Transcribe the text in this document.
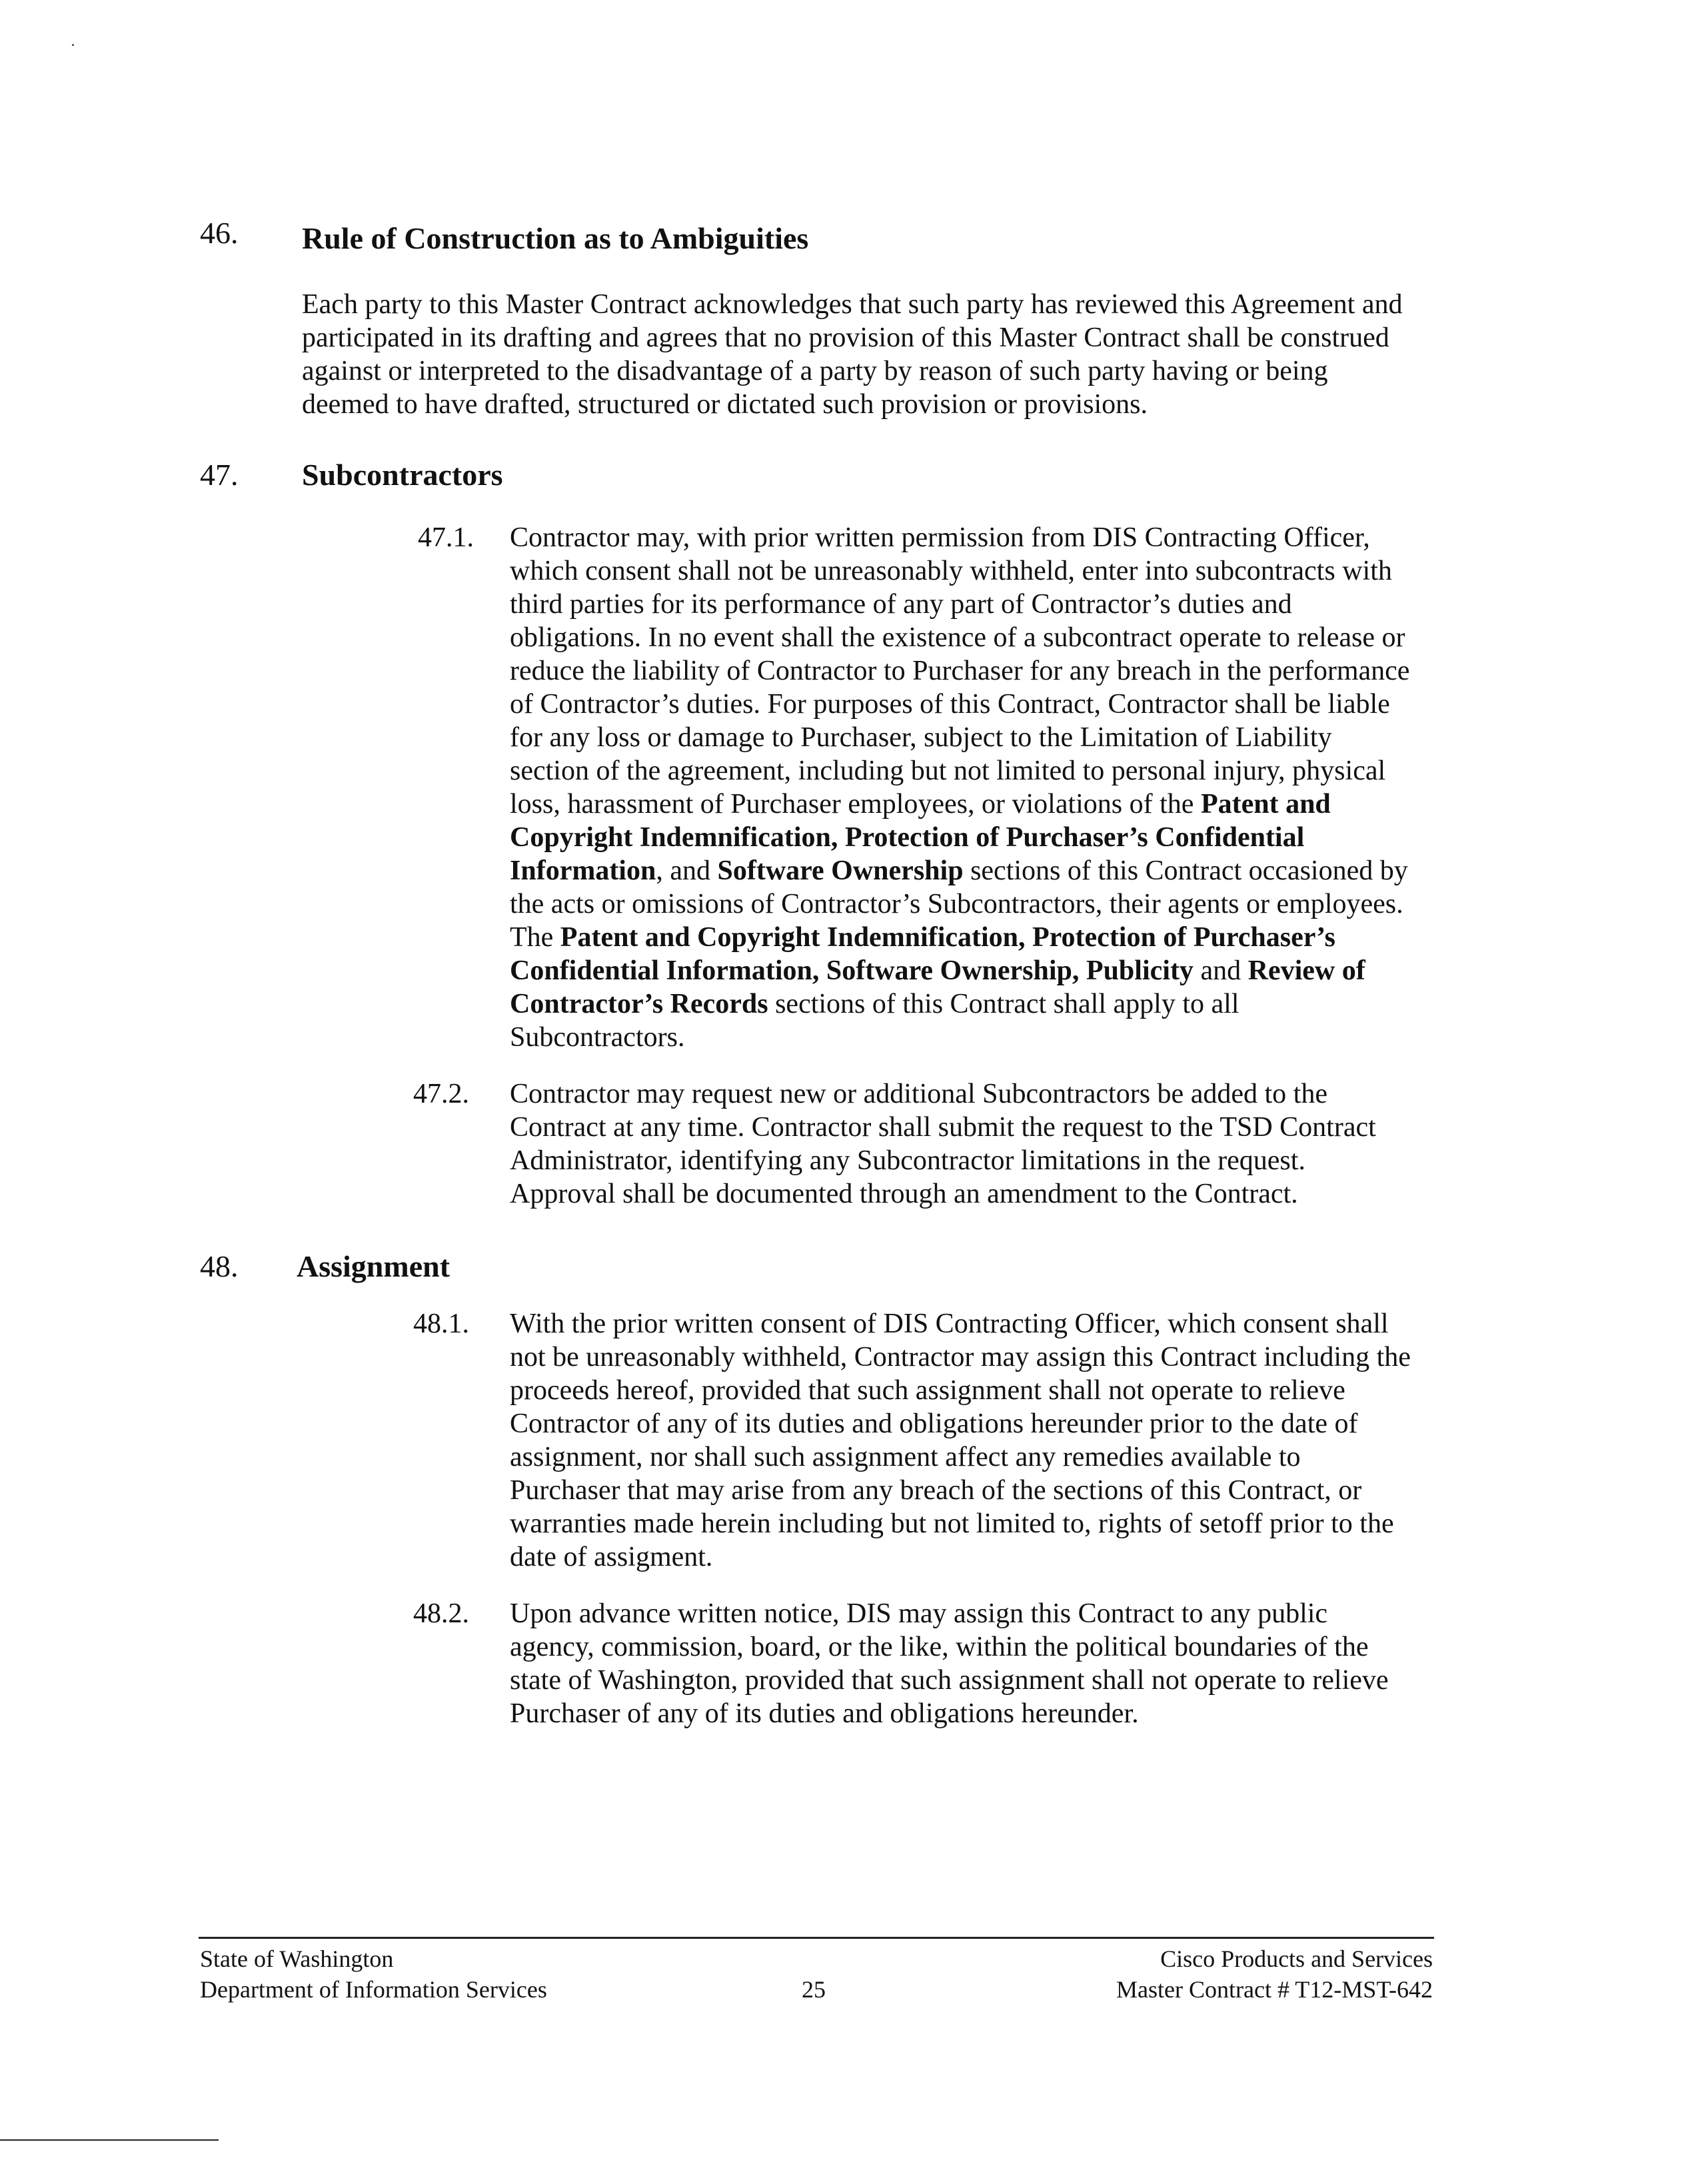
46. Rule of Construction as to Ambiguities

Each party to this Master Contract acknowledges that such party has reviewed this Agreement and participated in its drafting and agrees that no provision of this Master Contract shall be construed against or interpreted to the disadvantage of a party by reason of such party having or being deemed to have drafted, structured or dictated such provision or provisions.

47. Subcontractors
47.1. Contractor may, with prior written permission from DIS Contracting Officer, which consent shall not be unreasonably withheld, enter into subcontracts with third parties for its performance of any part of Contractor’s duties and obligations. In no event shall the existence of a subcontract operate to release or reduce the liability of Contractor to Purchaser for any breach in the performance of Contractor’s duties. For purposes of this Contract, Contractor shall be liable for any loss or damage to Purchaser, subject to the Limitation of Liability section of the agreement, including but not limited to personal injury, physical loss, harassment of Purchaser employees, or violations of the Patent and Copyright Indemnification, Protection of Purchaser’s Confidential Information, and Software Ownership sections of this Contract occasioned by the acts or omissions of Contractor’s Subcontractors, their agents or employees. The Patent and Copyright Indemnification, Protection of Purchaser’s Confidential Information, Software Ownership, Publicity and Review of Contractor’s Records sections of this Contract shall apply to all Subcontractors.

47.2. Contractor may request new or additional Subcontractors be added to the Contract at any time. Contractor shall submit the request to the TSD Contract Administrator, identifying any Subcontractor limitations in the request. Approval shall be documented through an amendment to the Contract.

48. Assignment
48.1. With the prior written consent of DIS Contracting Officer, which consent shall not be unreasonably withheld, Contractor may assign this Contract including the proceeds hereof, provided that such assignment shall not operate to relieve Contractor of any of its duties and obligations hereunder prior to the date of assignment, nor shall such assignment affect any remedies available to Purchaser that may arise from any breach of the sections of this Contract, or warranties made herein including but not limited to, rights of setoff prior to the date of assigment.

48.2. Upon advance written notice, DIS may assign this Contract to any public agency, commission, board, or the like, within the political boundaries of the state of Washington, provided that such assignment shall not operate to relieve Purchaser of any of its duties and obligations hereunder.

State of Washington
Department of Information Services	25
Cisco Products and Services
Master Contract # T12-MST-642
